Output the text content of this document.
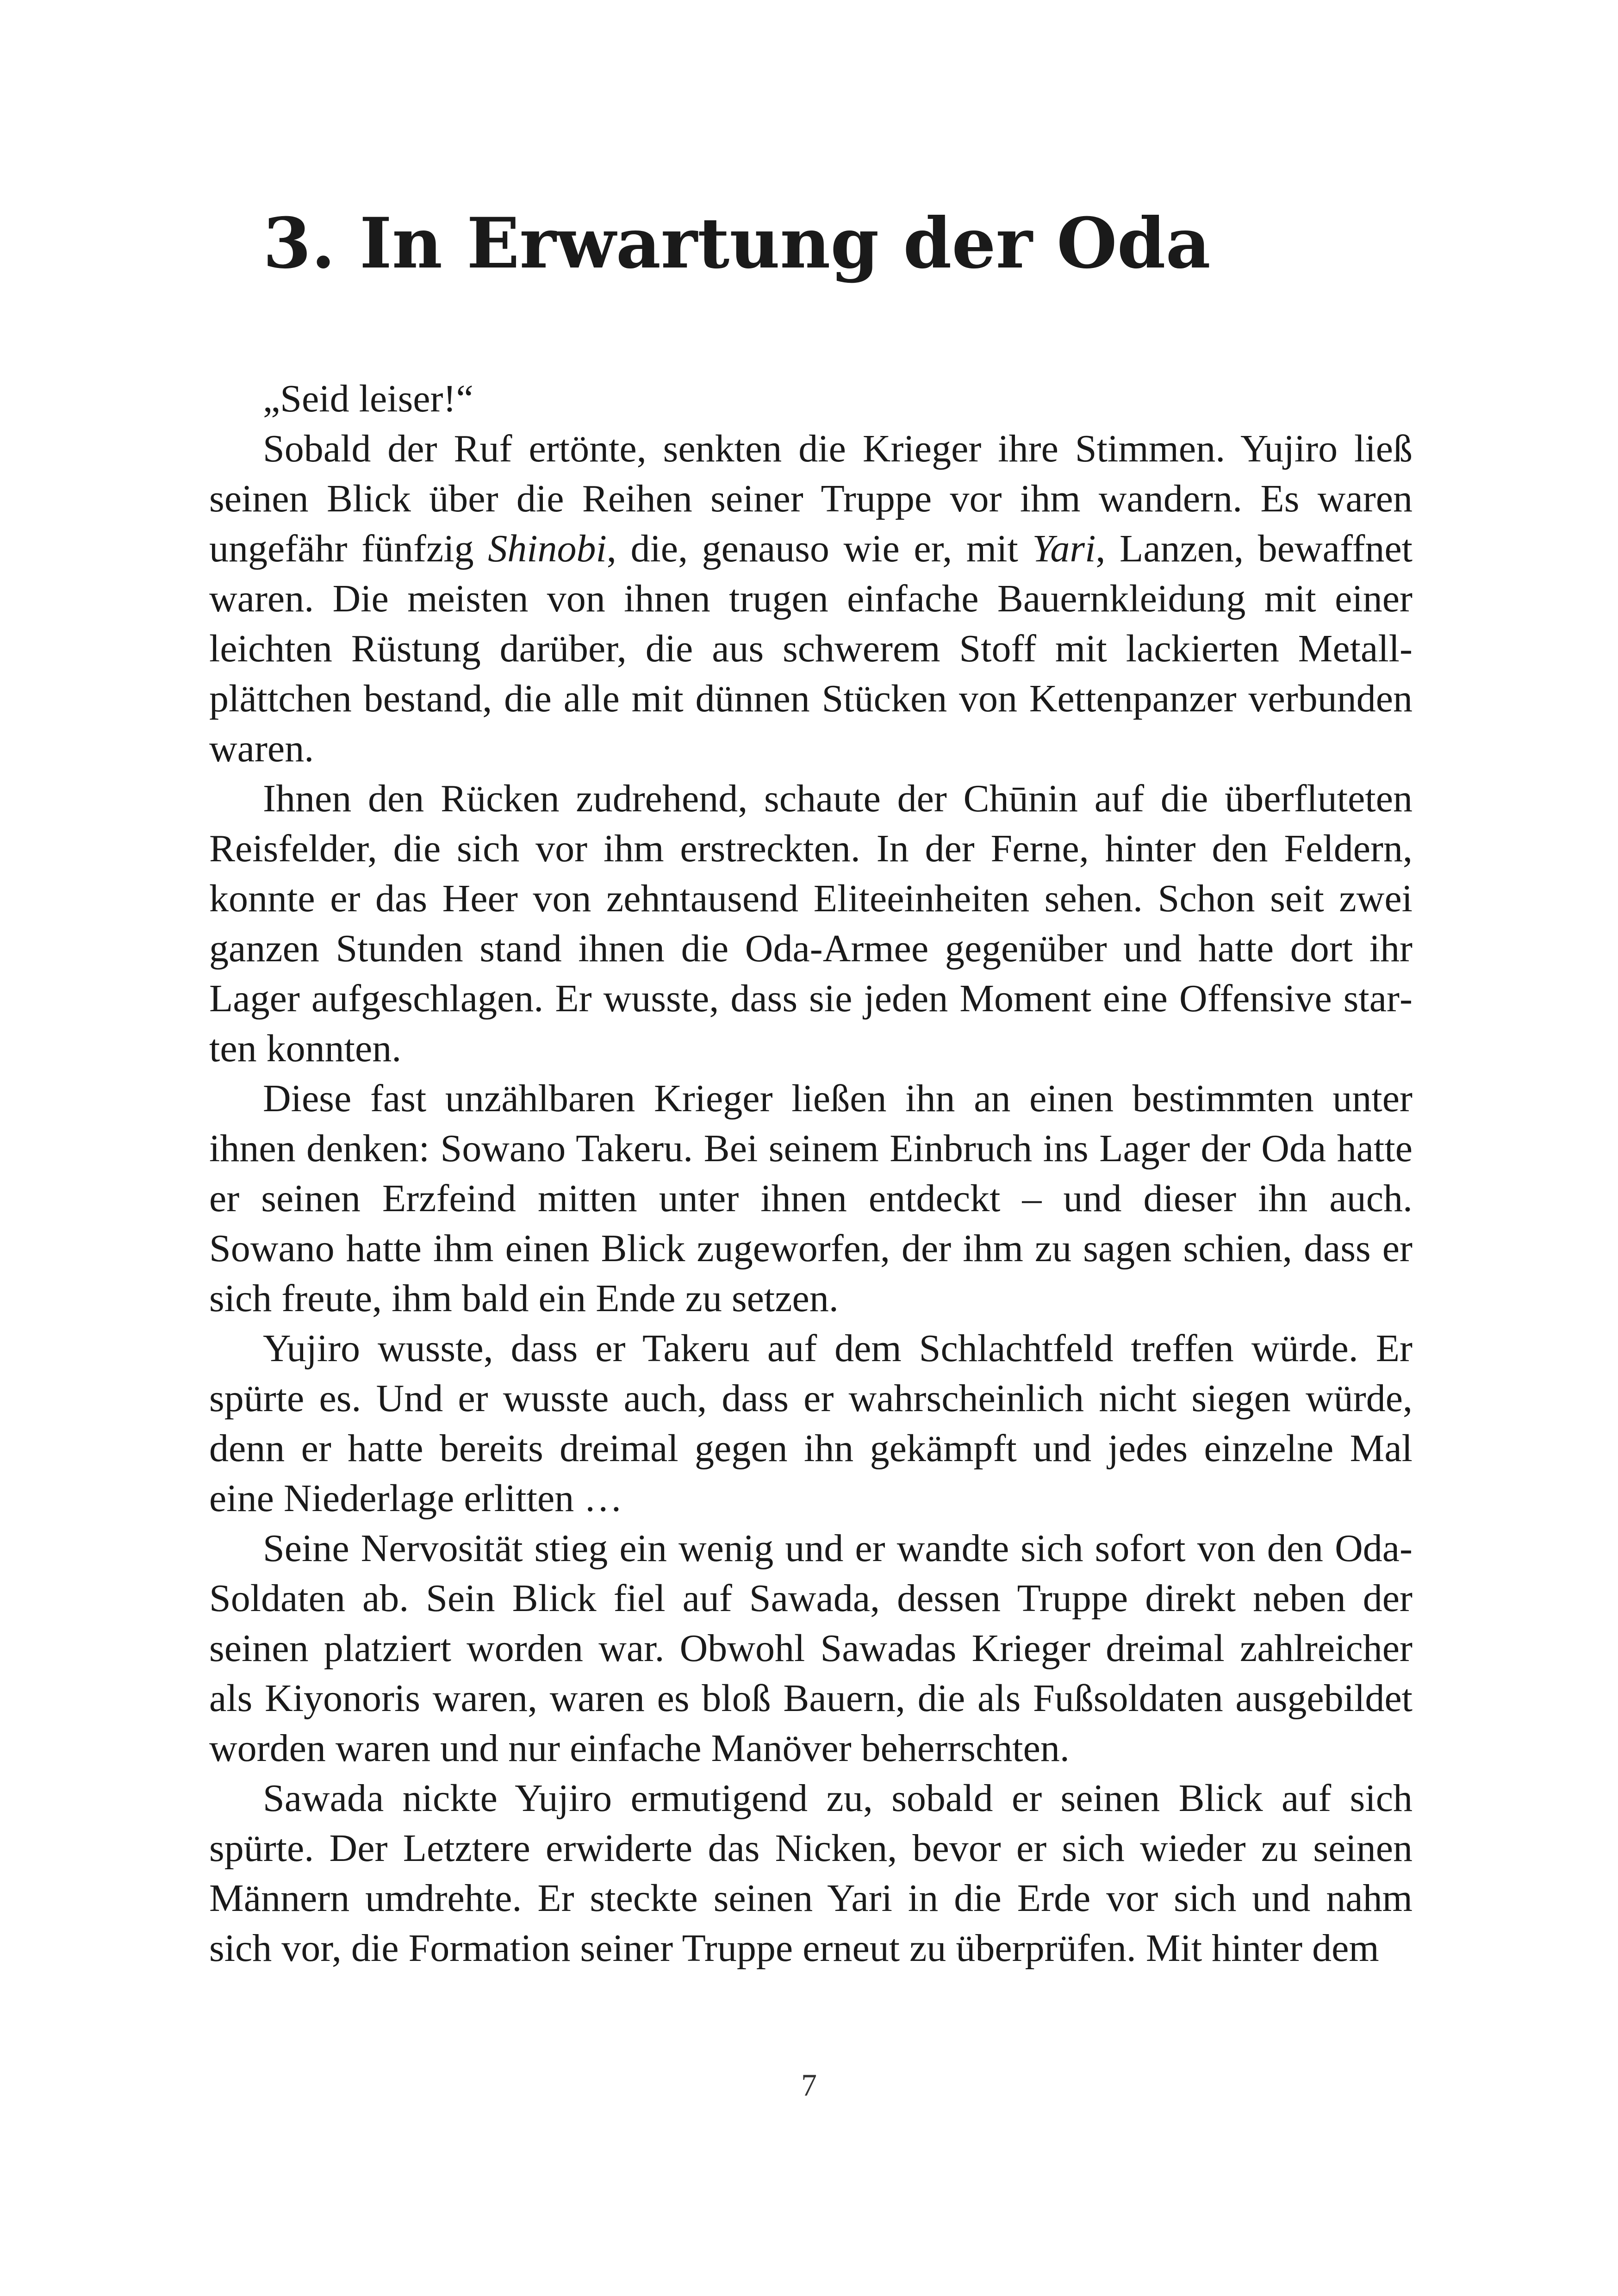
3. In Erwartung der Oda

„Seid leiser!“

Sobald der Ruf ertönte, senkten die Krieger ihre Stimmen. Yujiro ließ seinen Blick über die Reihen seiner Truppe vor ihm wandern. Es waren ungefähr fünfzig Shinobi, die, genauso wie er, mit Yari, Lanzen, bewaffnet waren. Die meisten von ihnen trugen einfache Bauernkleidung mit einer leichten Rüstung darüber, die aus schwerem Stoff mit lackierten Metallplättchen bestand, die alle mit dünnen Stücken von Kettenpanzer verbunden waren.

Ihnen den Rücken zudrehend, schaute der Chūnin auf die überfluteten Reisfelder, die sich vor ihm erstreckten. In der Ferne, hinter den Feldern, konnte er das Heer von zehntausend Eliteeinheiten sehen. Schon seit zwei ganzen Stunden stand ihnen die Oda-Armee gegenüber und hatte dort ihr Lager aufgeschlagen. Er wusste, dass sie jeden Moment eine Offensive starten konnten.

Diese fast unzählbaren Krieger ließen ihn an einen bestimmten unter ihnen denken: Sowano Takeru. Bei seinem Einbruch ins Lager der Oda hatte er seinen Erzfeind mitten unter ihnen entdeckt – und dieser ihn auch. Sowano hatte ihm einen Blick zugeworfen, der ihm zu sagen schien, dass er sich freute, ihm bald ein Ende zu setzen.

Yujiro wusste, dass er Takeru auf dem Schlachtfeld treffen würde. Er spürte es. Und er wusste auch, dass er wahrscheinlich nicht siegen würde, denn er hatte bereits dreimal gegen ihn gekämpft und jedes einzelne Mal eine Niederlage erlitten …

Seine Nervosität stieg ein wenig und er wandte sich sofort von den Oda-Soldaten ab. Sein Blick fiel auf Sawada, dessen Truppe direkt neben der seinen platziert worden war. Obwohl Sawadas Krieger dreimal zahlreicher als Kiyonoris waren, waren es bloß Bauern, die als Fußsoldaten ausgebildet worden waren und nur einfache Manöver beherrschten.

Sawada nickte Yujiro ermutigend zu, sobald er seinen Blick auf sich spürte. Der Letztere erwiderte das Nicken, bevor er sich wieder zu seinen Männern umdrehte. Er steckte seinen Yari in die Erde vor sich und nahm sich vor, die Formation seiner Truppe erneut zu überprüfen. Mit hinter dem

7
